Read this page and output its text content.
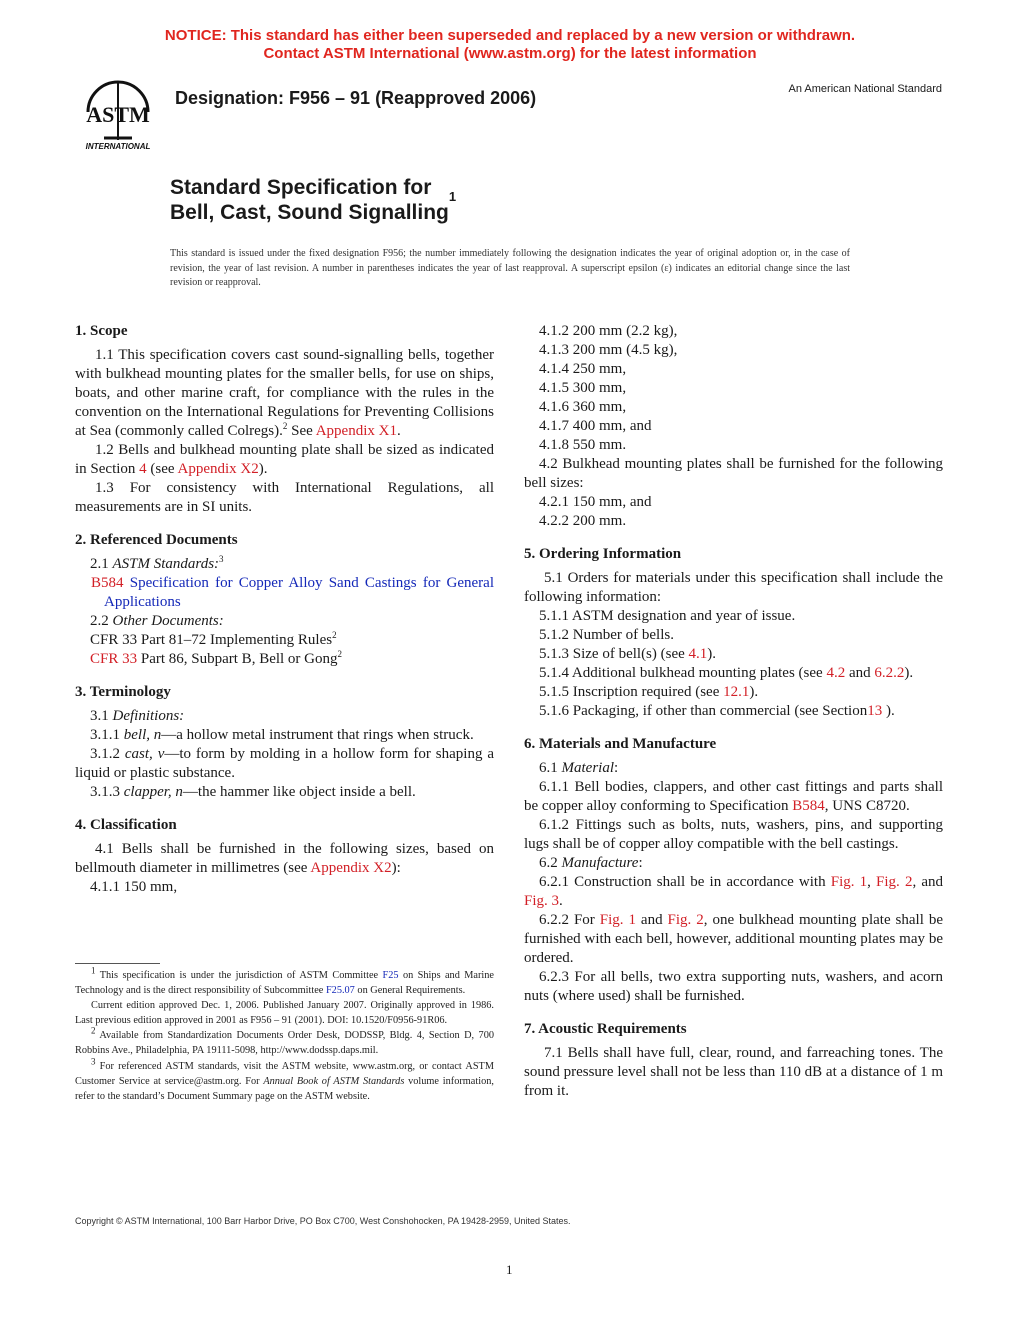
NOTICE: This standard has either been superseded and replaced by a new version or withdrawn.
Contact ASTM International (www.astm.org) for the latest information
ASTM
INTERNATIONAL
Designation: F956 – 91 (Reapproved 2006)	An American National Standard
Standard Specification for
Bell, Cast, Sound Signalling$^1$
This standard is issued under the fixed designation F956; the number immediately following the designation indicates the year of original adoption or, in the case of revision, the year of last revision. A number in parentheses indicates the year of last reapproval. A superscript epsilon (ε) indicates an editorial change since the last revision or reapproval.
1. Scope

1.1 This specification covers cast sound-signalling bells, together with bulkhead mounting plates for the smaller bells, for use on ships, boats, and other marine craft, for compliance with the rules in the convention on the International Regulations for Preventing Collisions at Sea (commonly called Colregs).$^2$ See Appendix X1.

1.2 Bells and bulkhead mounting plate shall be sized as indicated in Section 4 (see Appendix X2).

1.3 For consistency with International Regulations, all measurements are in SI units.

2. Referenced Documents

2.1 ASTM Standards:$^3$

B584 Specification for Copper Alloy Sand Castings for General Applications

2.2 Other Documents:

CFR 33 Part 81–72 Implementing Rules$^2$

CFR 33 Part 86, Subpart B, Bell or Gong$^2$

3. Terminology

3.1 Definitions:

3.1.1 bell, n—a hollow metal instrument that rings when struck.

3.1.2 cast, v—to form by molding in a hollow form for shaping a liquid or plastic substance.

3.1.3 clapper, n—the hammer like object inside a bell.

4. Classification

4.1 Bells shall be furnished in the following sizes, based on bellmouth diameter in millimetres (see Appendix X2):

4.1.1 150 mm,

$^1$ This specification is under the jurisdiction of ASTM Committee F25 on Ships and Marine Technology and is the direct responsibility of Subcommittee F25.07 on General Requirements.

Current edition approved Dec. 1, 2006. Published January 2007. Originally approved in 1986. Last previous edition approved in 2001 as F956 – 91 (2001). DOI: 10.1520/F0956-91R06.

$^2$ Available from Standardization Documents Order Desk, DODSSP, Bldg. 4, Section D, 700 Robbins Ave., Philadelphia, PA 19111-5098, http://www.dodssp.daps.mil.

$^3$ For referenced ASTM standards, visit the ASTM website, www.astm.org, or contact ASTM Customer Service at service@astm.org. For Annual Book of ASTM Standards volume information, refer to the standard’s Document Summary page on the ASTM website.

4.1.2 200 mm (2.2 kg),

4.1.3 200 mm (4.5 kg),

4.1.4 250 mm,

4.1.5 300 mm,

4.1.6 360 mm,

4.1.7 400 mm, and

4.1.8 550 mm.

4.2 Bulkhead mounting plates shall be furnished for the following bell sizes:

4.2.1 150 mm, and

4.2.2 200 mm.

5. Ordering Information

5.1 Orders for materials under this specification shall include the following information:

5.1.1 ASTM designation and year of issue.

5.1.2 Number of bells.

5.1.3 Size of bell(s) (see 4.1).

5.1.4 Additional bulkhead mounting plates (see 4.2 and 6.2.2).

5.1.5 Inscription required (see 12.1).

5.1.6 Packaging, if other than commercial (see Section13 ).

6. Materials and Manufacture

6.1 Material:

6.1.1 Bell bodies, clappers, and other cast fittings and parts shall be copper alloy conforming to Specification B584, UNS C8720.

6.1.2 Fittings such as bolts, nuts, washers, pins, and supporting lugs shall be of copper alloy compatible with the bell castings.

6.2 Manufacture:

6.2.1 Construction shall be in accordance with Fig. 1, Fig. 2, and Fig. 3.

6.2.2 For Fig. 1 and Fig. 2, one bulkhead mounting plate shall be furnished with each bell, however, additional mounting plates may be ordered.

6.2.3 For all bells, two extra supporting nuts, washers, and acorn nuts (where used) shall be furnished.

7. Acoustic Requirements

7.1 Bells shall have full, clear, round, and farreaching tones. The sound pressure level shall not be less than 110 dB at a distance of 1 m from it.

Copyright © ASTM International, 100 Barr Harbor Drive, PO Box C700, West Conshohocken, PA 19428-2959, United States.
1
